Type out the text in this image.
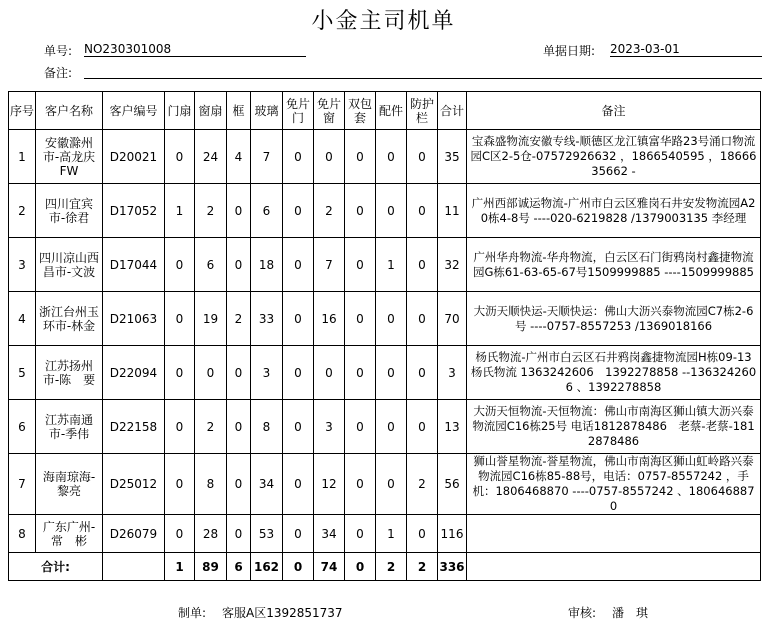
小金主司机单
单号: NO230301008	单据日期: 2023-03-01
备注:
序号	客户名称	客户编号	门扇	窗扇	框	玻璃	免片门	免片窗	双包套	配件	防护栏	合计	备注
1	安徽滁州市-高龙庆FW	D20021	0	24	4	7	0	0	0	0	0	35	宝森盛物流安徽专线-顺德区龙江镇富华路23号涌口物流园C区2-5仓-07572926632 ，1866540595 ，1866635662 -
2	四川宜宾市-徐君	D17052	1	2	0	6	0	2	0	0	0	11	广州西部诚运物流-广州市白云区雅岗石井安发物流园A20栋4-8号 ----020-6219828 /1379003135 李经理
3	四川凉山西昌市-文波	D17044	0	6	0	18	0	7	0	1	0	32	广州华舟物流-华舟物流，白云区石门街鸦岗村鑫捷物流园G栋61-63-65-67号1509999885 ----1509999885
4	浙江台州玉环市-林金	D21063	0	19	2	33	0	16	0	0	0	70	大沥天顺快运-天顺快运：佛山大沥兴泰物流园C7栋2-6号 ----0757-8557253 /1369018166
5	江苏扬州市-陈　要	D22094	0	0	0	3	0	0	0	0	0	3	杨氏物流-广州市白云区石井鸦岗鑫捷物流园H栋09-13 杨氏物流 1363242606　1392278858 --1363242606 、1392278858
6	江苏南通市-季伟	D22158	0	2	0	8	0	3	0	0	0	13	大沥天恒物流-天恒物流：佛山市南海区狮山镇大沥兴泰物流园C16栋25号 电话1812878486　老蔡-老蔡-1812878486
7	海南琼海-黎亮	D25012	0	8	0	34	0	12	0	0	2	56	狮山誉星物流-誉星物流，佛山市南海区狮山虹岭路兴泰物流园C16栋85-88号，电话：0757-8557242 ，手机：1806468870 ----0757-8557242 、1806468870
8	广东广州-常　彬	D26079	0	28	0	53	0	34	0	1	0	116	
合计:			1	89	6	162	0	74	0	2	2	336	
制单: 客服A区1392851737	审核: 潘　琪
